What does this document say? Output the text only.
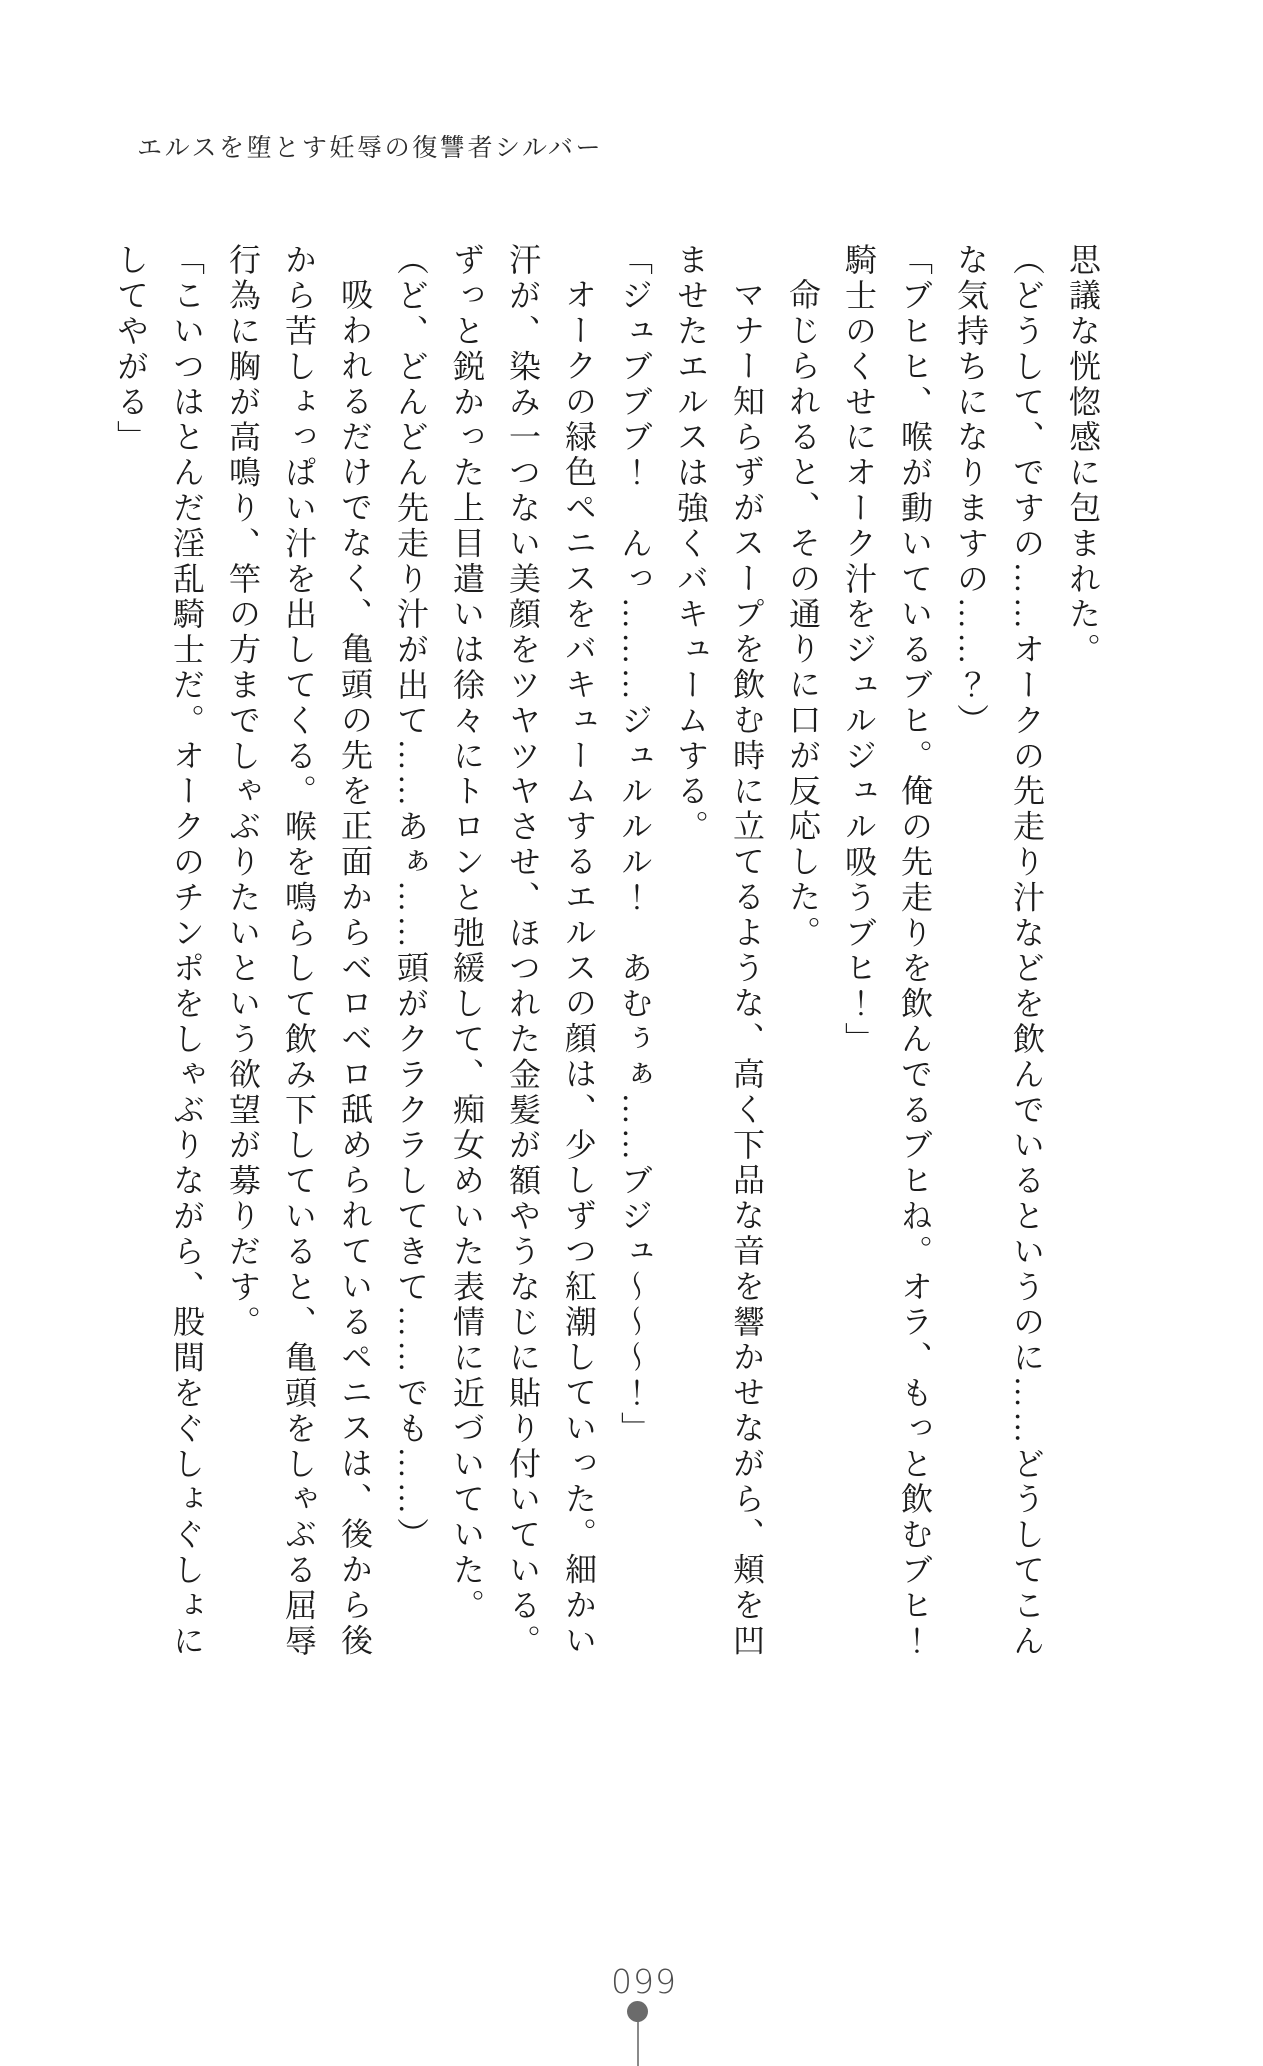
エルスを堕とす妊辱の復讐者シルバー

思議な恍惚感に包まれた。

（どうして、ですの……オークの先走り汁などを飲んでいるというのに……どうしてこんな気持ちになりますの……？）

「ブヒヒ、喉が動いているブヒ。俺の先走りを飲んでるブヒね。オラ、もっと飲むブヒ！騎士のくせにオーク汁をジュルジュル吸うブヒ！」

命じられると、その通りに口が反応した。

マナー知らずがスープを飲む時に立てるような、高く下品な音を響かせながら、頬を凹ませたエルスは強くバキュームする。

「ジュブブブ！　んっ………ジュルルル！　あむぅぁ……ブジュ〜〜〜！」

オークの緑色ペニスをバキュームするエルスの顔は、少しずつ紅潮していった。細かい汗が、染み一つない美顔をツヤツヤさせ、ほつれた金髪が額やうなじに貼り付いている。ずっと鋭かった上目遣いは徐々にトロンと弛緩して、痴女めいた表情に近づいていた。

（ど、どんどん先走り汁が出て……あぁ……頭がクラクラしてきて……でも……）

吸われるだけでなく、亀頭の先を正面からベロベロ舐められているペニスは、後から後から苦しょっぱい汁を出してくる。喉を鳴らして飲み下していると、亀頭をしゃぶる屈辱行為に胸が高鳴り、竿の方までしゃぶりたいという欲望が募りだす。

「こいつはとんだ淫乱騎士だ。オークのチンポをしゃぶりながら、股間をぐしょぐしょにしてやがる」

099
